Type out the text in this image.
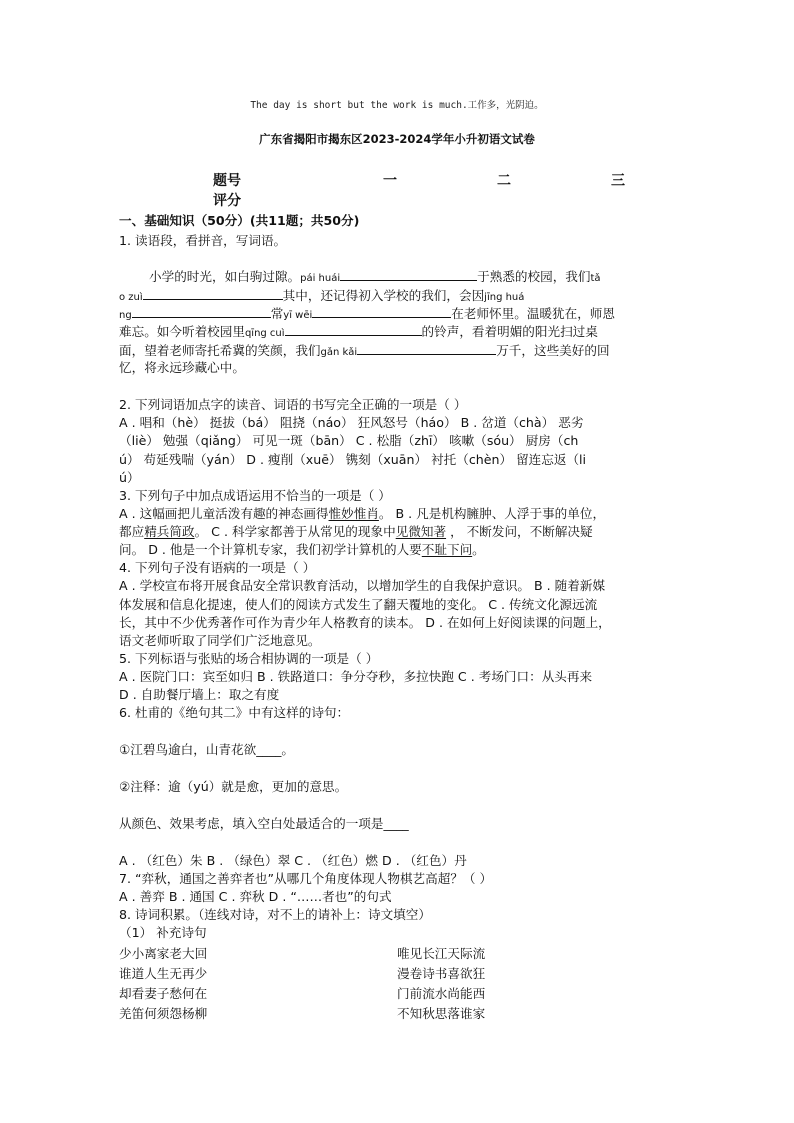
The day is short but the work is much.工作多，光阴迫。
广东省揭阳市揭东区2023-2024学年小升初语文试卷
题号	一	二	三
评分
一、基础知识（50分）(共11题；共50分)
1. 读语段，看拼音，写词语。
小学的时光，如白驹过隙。pái huái	于熟悉的校园，我们tǎ
o zuì	其中，还记得初入学校的我们，会因jīng huá
ng	常yī wēi	在老师怀里。温暖犹在，师恩
难忘。如今听着校园里qīng cuì	的铃声，看着明媚的阳光扫过桌
面，望着老师寄托希冀的笑颜，我们gǎn kǎi	万千，这些美好的回
忆，将永远珍藏心中。
2. 下列词语加点字的读音、词语的书写完全正确的一项是（ ）
A . 唱和（hè） 挺拔（bá） 阻挠（náo） 狂风怒号（háo） B . 岔道（chà） 恶劣
（liè） 勉强（qiǎng） 可见一斑（bān） C . 松脂（zhī） 咳嗽（sóu） 厨房（ch
ú） 苟延残喘（yán） D . 瘦削（xuē） 镌刻（xuān） 衬托（chèn） 留连忘返（li
ú）
3. 下列句子中加点成语运用不恰当的一项是（ ）
A . 这幅画把儿童活泼有趣的神态画得惟妙惟肖。 B . 凡是机构臃肿、人浮于事的单位，
都应精兵简政。 C . 科学家都善于从常见的现象中见微知著 ， 不断发问，不断解决疑
问。 D . 他是一个计算机专家，我们初学计算机的人要不耻下问。
4. 下列句子没有语病的一项是（ ）
A . 学校宣布将开展食品安全常识教育活动，以增加学生的自我保护意识。 B . 随着新媒
体发展和信息化提速，使人们的阅读方式发生了翻天覆地的变化。 C . 传统文化源远流
长，其中不少优秀著作可作为青少年人格教育的读本。 D . 在如何上好阅读课的问题上，
语文老师听取了同学们广泛地意见。
5. 下列标语与张贴的场合相协调的一项是（ ）
A . 医院门口：宾至如归 B . 铁路道口：争分夺秒，多拉快跑 C . 考场门口：从头再来
D . 自助餐厅墙上：取之有度
6. 杜甫的《绝句其二》中有这样的诗句：
①江碧鸟逾白，山青花欲____。
②注释：逾（yú）就是愈，更加的意思。
从颜色、效果考虑，填入空白处最适合的一项是____
A . （红色）朱 B . （绿色）翠 C . （红色）燃 D . （红色）丹
7. “弈秋，通国之善弈者也”从哪几个角度体现人物棋艺高超？（ ）
A . 善弈 B . 通国 C . 弈秋 D . “……者也”的句式
8. 诗词积累。（连线对诗，对不上的请补上：诗文填空）
（1） 补充诗句
少小离家老大回	唯见长江天际流
谁道人生无再少	漫卷诗书喜欲狂
却看妻子愁何在	门前流水尚能西
羌笛何须怨杨柳	不知秋思落谁家
